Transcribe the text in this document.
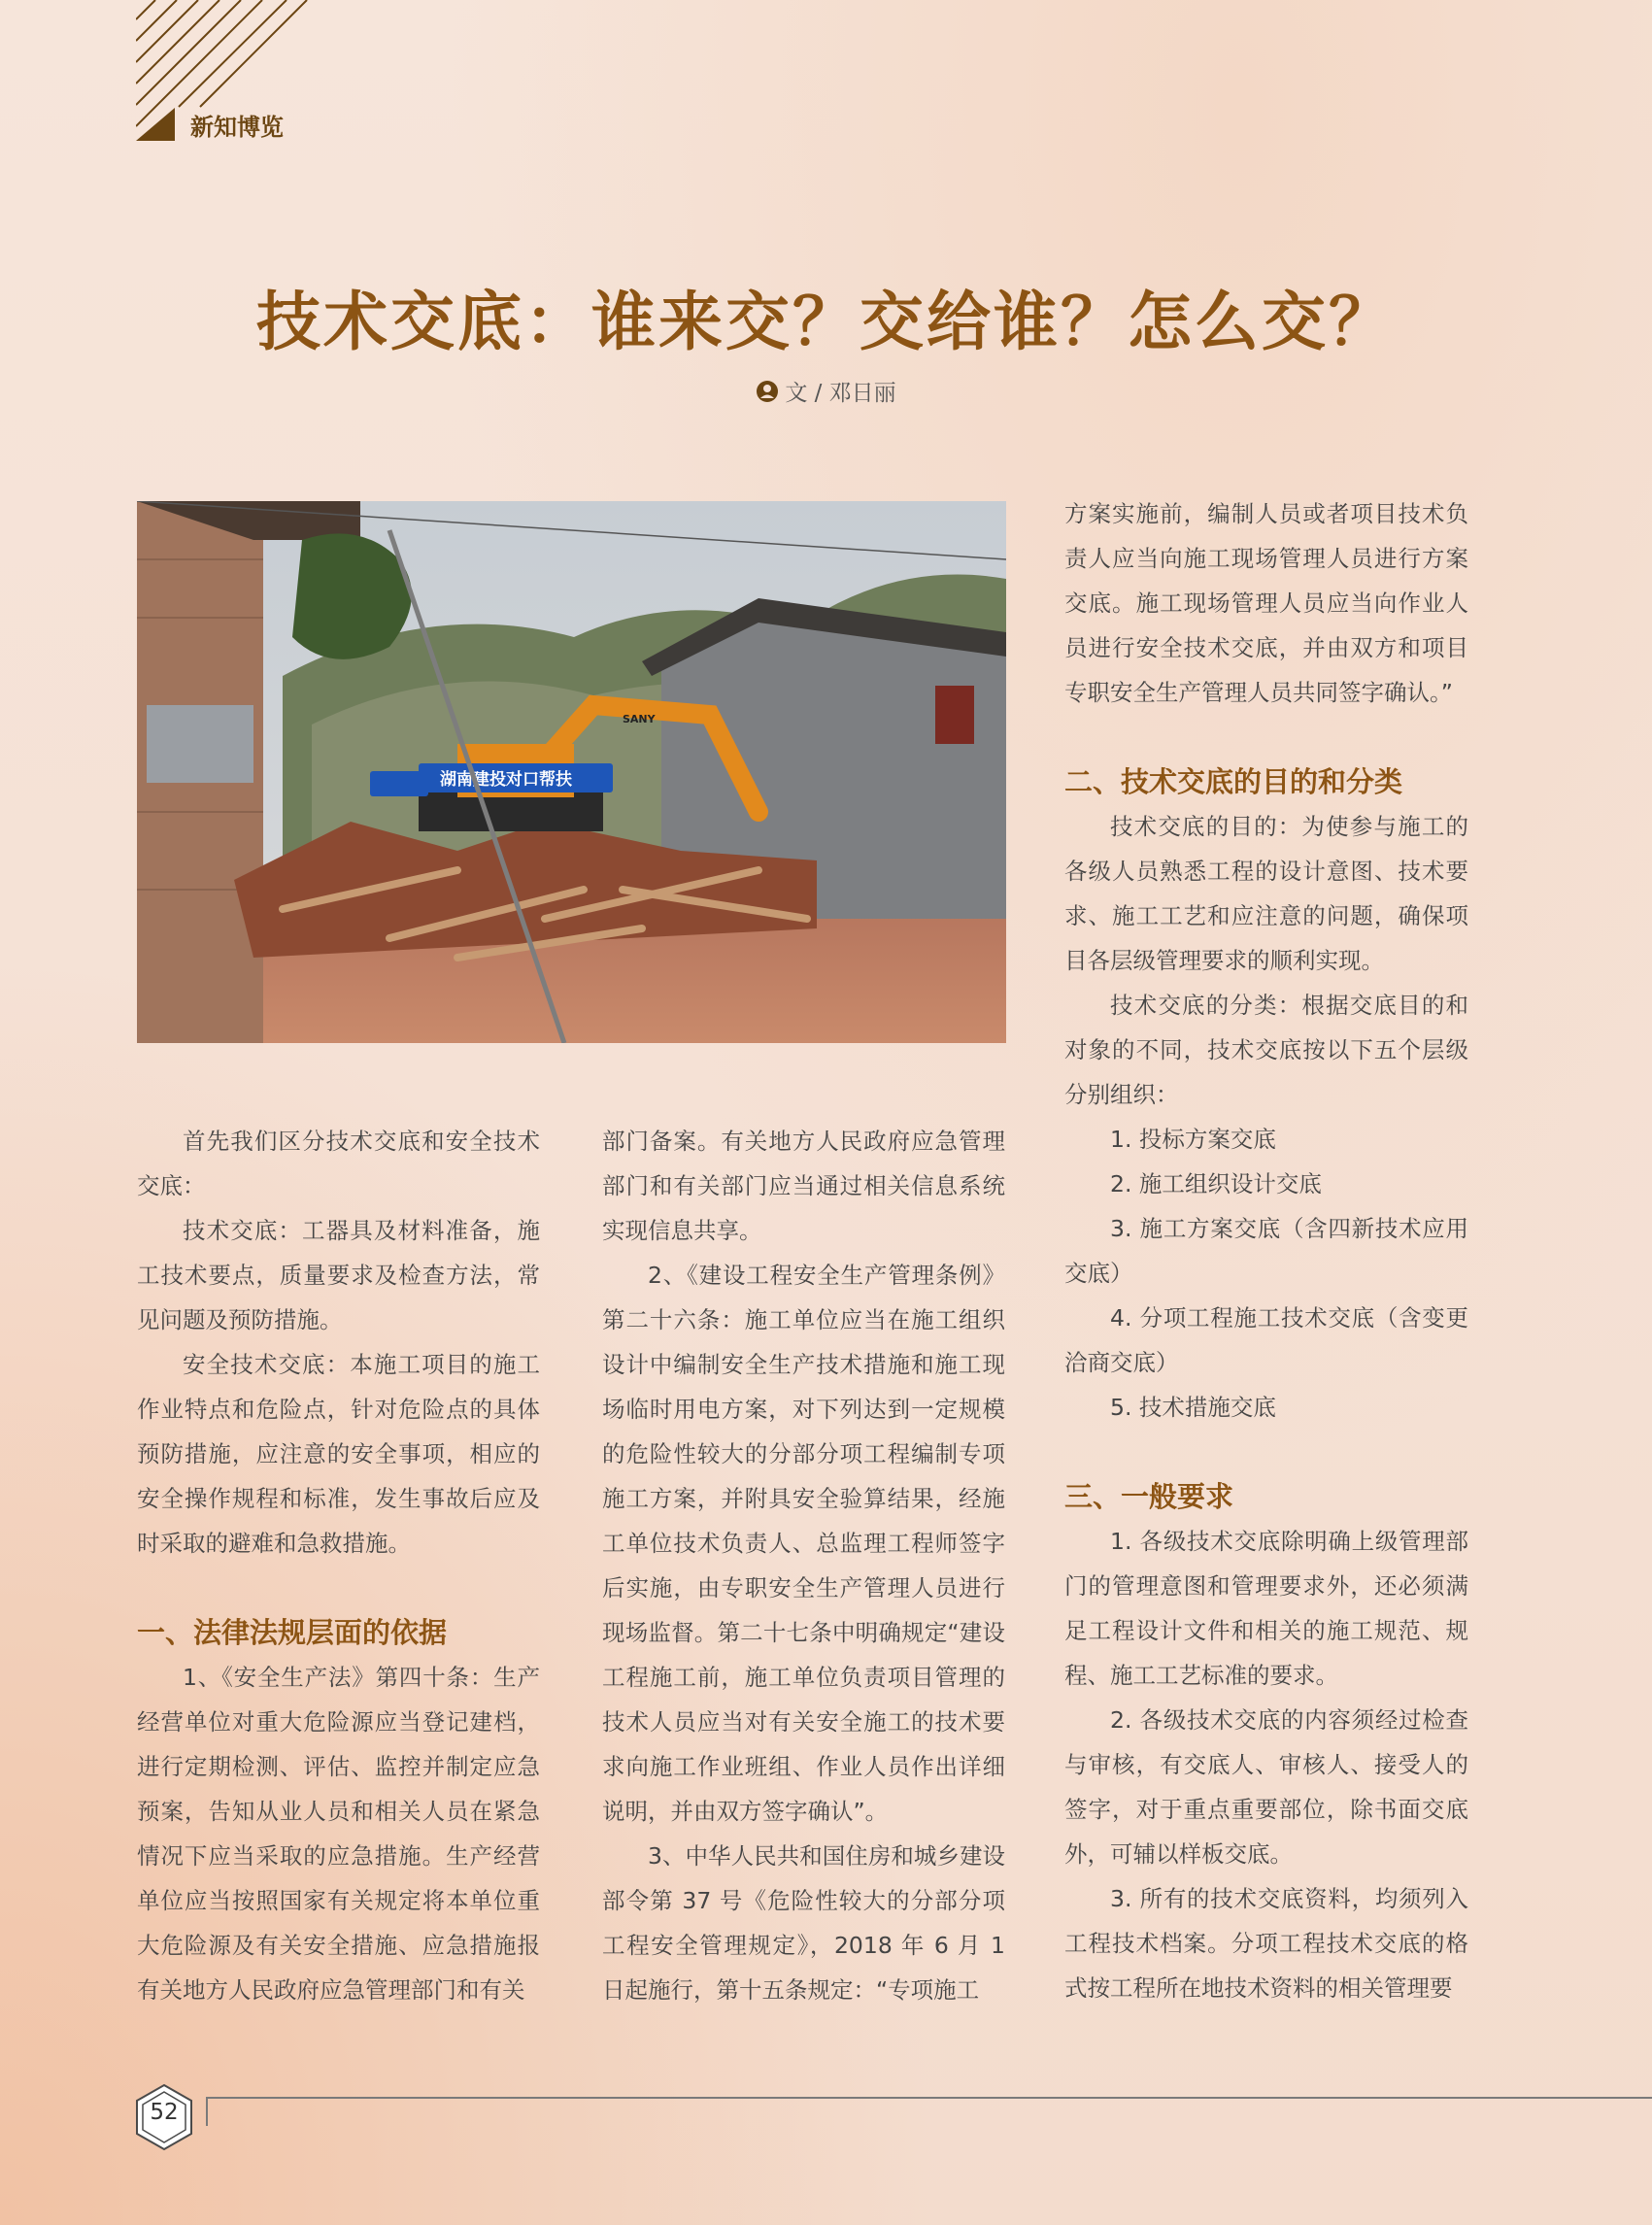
新知博览
技术交底：谁来交？交给谁？怎么交？
文 / 邓日丽
湖南建投对口帮扶
SANY

首先我们区分技术交底和安全技术交底：

技术交底：工器具及材料准备，施工技术要点，质量要求及检查方法，常见问题及预防措施。

安全技术交底：本施工项目的施工作业特点和危险点，针对危险点的具体预防措施，应注意的安全事项，相应的安全操作规程和标准，发生事故后应及时采取的避难和急救措施。

一、法律法规层面的依据

1、《安全生产法》第四十条：生产经营单位对重大危险源应当登记建档，进行定期检测、评估、监控并制定应急预案，告知从业人员和相关人员在紧急情况下应当采取的应急措施。生产经营单位应当按照国家有关规定将本单位重大危险源及有关安全措施、应急措施报有关地方人民政府应急管理部门和有关

部门备案。有关地方人民政府应急管理部门和有关部门应当通过相关信息系统实现信息共享。

2、《建设工程安全生产管理条例》第二十六条：施工单位应当在施工组织设计中编制安全生产技术措施和施工现场临时用电方案，对下列达到一定规模的危险性较大的分部分项工程编制专项施工方案，并附具安全验算结果，经施工单位技术负责人、总监理工程师签字后实施，由专职安全生产管理人员进行现场监督。第二十七条中明确规定“建设工程施工前，施工单位负责项目管理的技术人员应当对有关安全施工的技术要求向施工作业班组、作业人员作出详细说明，并由双方签字确认”。

3、中华人民共和国住房和城乡建设部令第 37 号《危险性较大的分部分项工程安全管理规定》，2018 年 6 月 1 日起施行，第十五条规定：“专项施工

方案实施前，编制人员或者项目技术负责人应当向施工现场管理人员进行方案交底。施工现场管理人员应当向作业人员进行安全技术交底，并由双方和项目专职安全生产管理人员共同签字确认。”

二、技术交底的目的和分类

技术交底的目的：为使参与施工的各级人员熟悉工程的设计意图、技术要求、施工工艺和应注意的问题，确保项目各层级管理要求的顺利实现。

技术交底的分类：根据交底目的和对象的不同，技术交底按以下五个层级分别组织：

1. 投标方案交底

2. 施工组织设计交底

3. 施工方案交底（含四新技术应用交底）

4. 分项工程施工技术交底（含变更洽商交底）

5. 技术措施交底

三、一般要求

1. 各级技术交底除明确上级管理部门的管理意图和管理要求外，还必须满足工程设计文件和相关的施工规范、规程、施工工艺标准的要求。

2. 各级技术交底的内容须经过检查与审核，有交底人、审核人、接受人的签字，对于重点重要部位，除书面交底外，可辅以样板交底。

3. 所有的技术交底资料，均须列入工程技术档案。分项工程技术交底的格式按工程所在地技术资料的相关管理要

52
